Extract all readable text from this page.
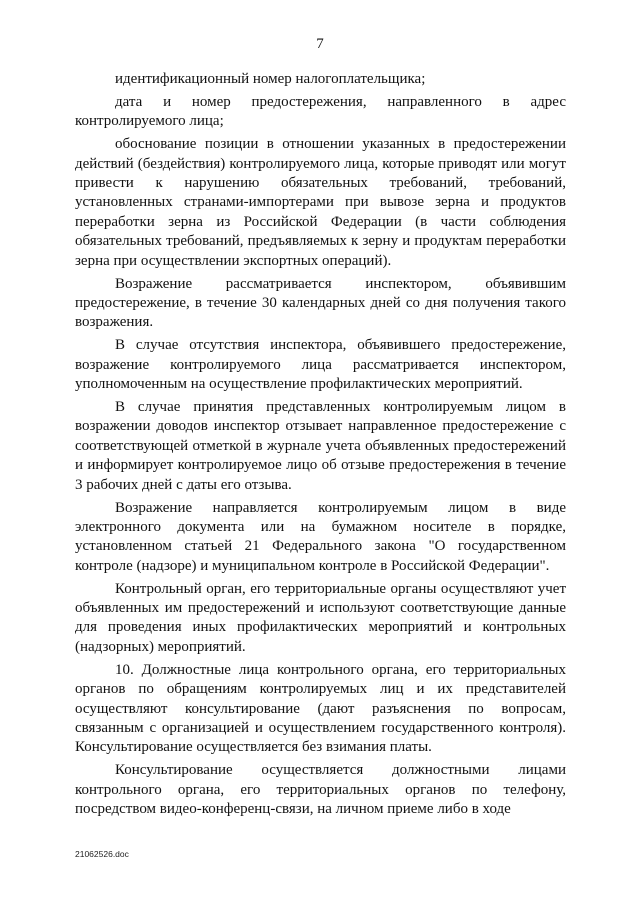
7

идентификационный номер налогоплательщика;

дата и номер предостережения, направленного в адрес контролируемого лица;

обоснование позиции в отношении указанных в предостережении действий (бездействия) контролируемого лица, которые приводят или могут привести к нарушению обязательных требований, требований, установленных странами-импортерами при вывозе зерна и продуктов переработки зерна из Российской Федерации (в части соблюдения обязательных требований, предъявляемых к зерну и продуктам переработки зерна при осуществлении экспортных операций).

Возражение рассматривается инспектором, объявившим предостережение, в течение 30 календарных дней со дня получения такого возражения.

В случае отсутствия инспектора, объявившего предостережение, возражение контролируемого лица рассматривается инспектором, уполномоченным на осуществление профилактических мероприятий.

В случае принятия представленных контролируемым лицом в возражении доводов инспектор отзывает направленное предостережение с соответствующей отметкой в журнале учета объявленных предостережений и информирует контролируемое лицо об отзыве предостережения в течение 3 рабочих дней с даты его отзыва.

Возражение направляется контролируемым лицом в виде электронного документа или на бумажном носителе в порядке, установленном статьей 21 Федерального закона "О государственном контроле (надзоре) и муниципальном контроле в Российской Федерации".

Контрольный орган, его территориальные органы осуществляют учет объявленных им предостережений и используют соответствующие данные для проведения иных профилактических мероприятий и контрольных (надзорных) мероприятий.

10. Должностные лица контрольного органа, его территориальных органов по обращениям контролируемых лиц и их представителей осуществляют консультирование (дают разъяснения по вопросам, связанным с организацией и осуществлением государственного контроля). Консультирование осуществляется без взимания платы.

Консультирование осуществляется должностными лицами контрольного органа, его территориальных органов по телефону, посредством видео-конференц-связи, на личном приеме либо в ходе

21062526.doc
